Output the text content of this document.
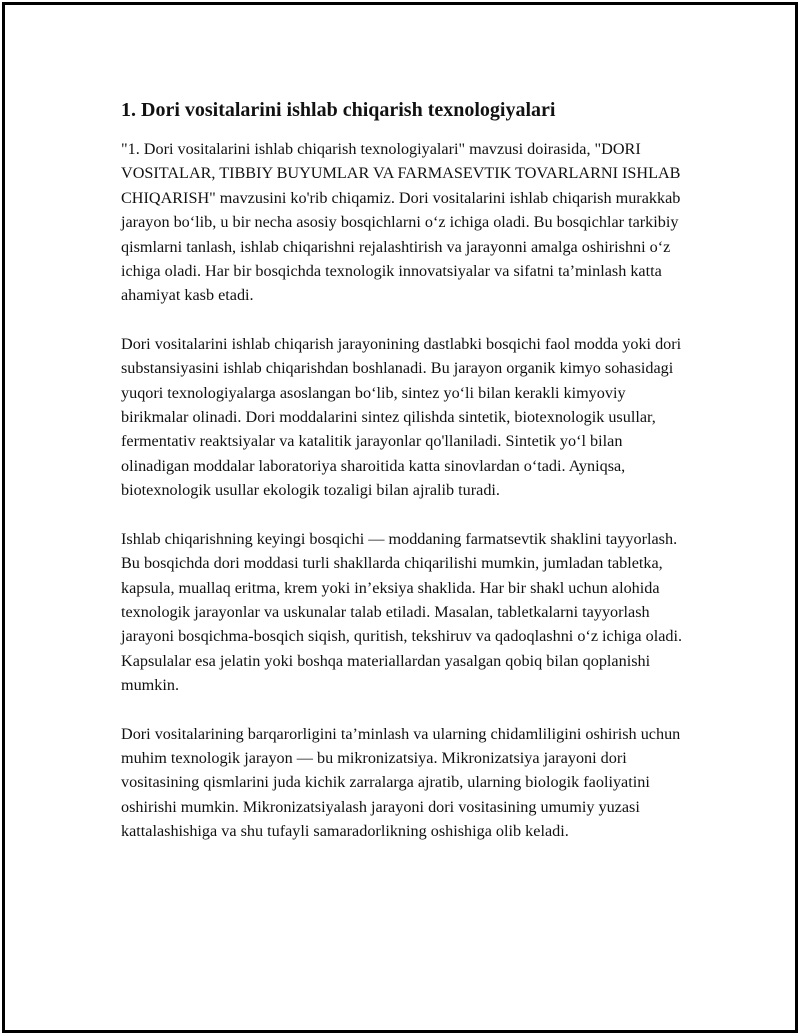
1. Dori vositalarini ishlab chiqarish texnologiyalari

"1. Dori vositalarini ishlab chiqarish texnologiyalari" mavzusi doirasida, "DORI VOSITALAR, TIBBIY BUYUMLAR VA FARMASEVTIK TOVARLARNI ISHLAB CHIQARISH" mavzusini ko'rib chiqamiz. Dori vositalarini ishlab chiqarish murakkab jarayon bo‘lib, u bir necha asosiy bosqichlarni o‘z ichiga oladi. Bu bosqichlar tarkibiy qismlarni tanlash, ishlab chiqarishni rejalashtirish va jarayonni amalga oshirishni o‘z ichiga oladi. Har bir bosqichda texnologik innovatsiyalar va sifatni ta’minlash katta ahamiyat kasb etadi.

Dori vositalarini ishlab chiqarish jarayonining dastlabki bosqichi faol modda yoki dori substansiyasini ishlab chiqarishdan boshlanadi. Bu jarayon organik kimyo sohasidagi yuqori texnologiyalarga asoslangan bo‘lib, sintez yo‘li bilan kerakli kimyoviy birikmalar olinadi. Dori moddalarini sintez qilishda sintetik, biotexnologik usullar, fermentativ reaktsiyalar va katalitik jarayonlar qo'llaniladi. Sintetik yo‘l bilan olinadigan moddalar laboratoriya sharoitida katta sinovlardan o‘tadi. Ayniqsa, biotexnologik usullar ekologik tozaligi bilan ajralib turadi.

Ishlab chiqarishning keyingi bosqichi — moddaning farmatsevtik shaklini tayyorlash. Bu bosqichda dori moddasi turli shakllarda chiqarilishi mumkin, jumladan tabletka, kapsula, muallaq eritma, krem yoki in’eksiya shaklida. Har bir shakl uchun alohida texnologik jarayonlar va uskunalar talab etiladi. Masalan, tabletkalarni tayyorlash jarayoni bosqichma-bosqich siqish, quritish, tekshiruv va qadoqlashni o‘z ichiga oladi. Kapsulalar esa jelatin yoki boshqa materiallardan yasalgan qobiq bilan qoplanishi mumkin.

Dori vositalarining barqarorligini ta’minlash va ularning chidamliligini oshirish uchun muhim texnologik jarayon — bu mikronizatsiya. Mikronizatsiya jarayoni dori vositasining qismlarini juda kichik zarralarga ajratib, ularning biologik faoliyatini oshirishi mumkin. Mikronizatsiyalash jarayoni dori vositasining umumiy yuzasi kattalashishiga va shu tufayli samaradorlikning oshishiga olib keladi.
